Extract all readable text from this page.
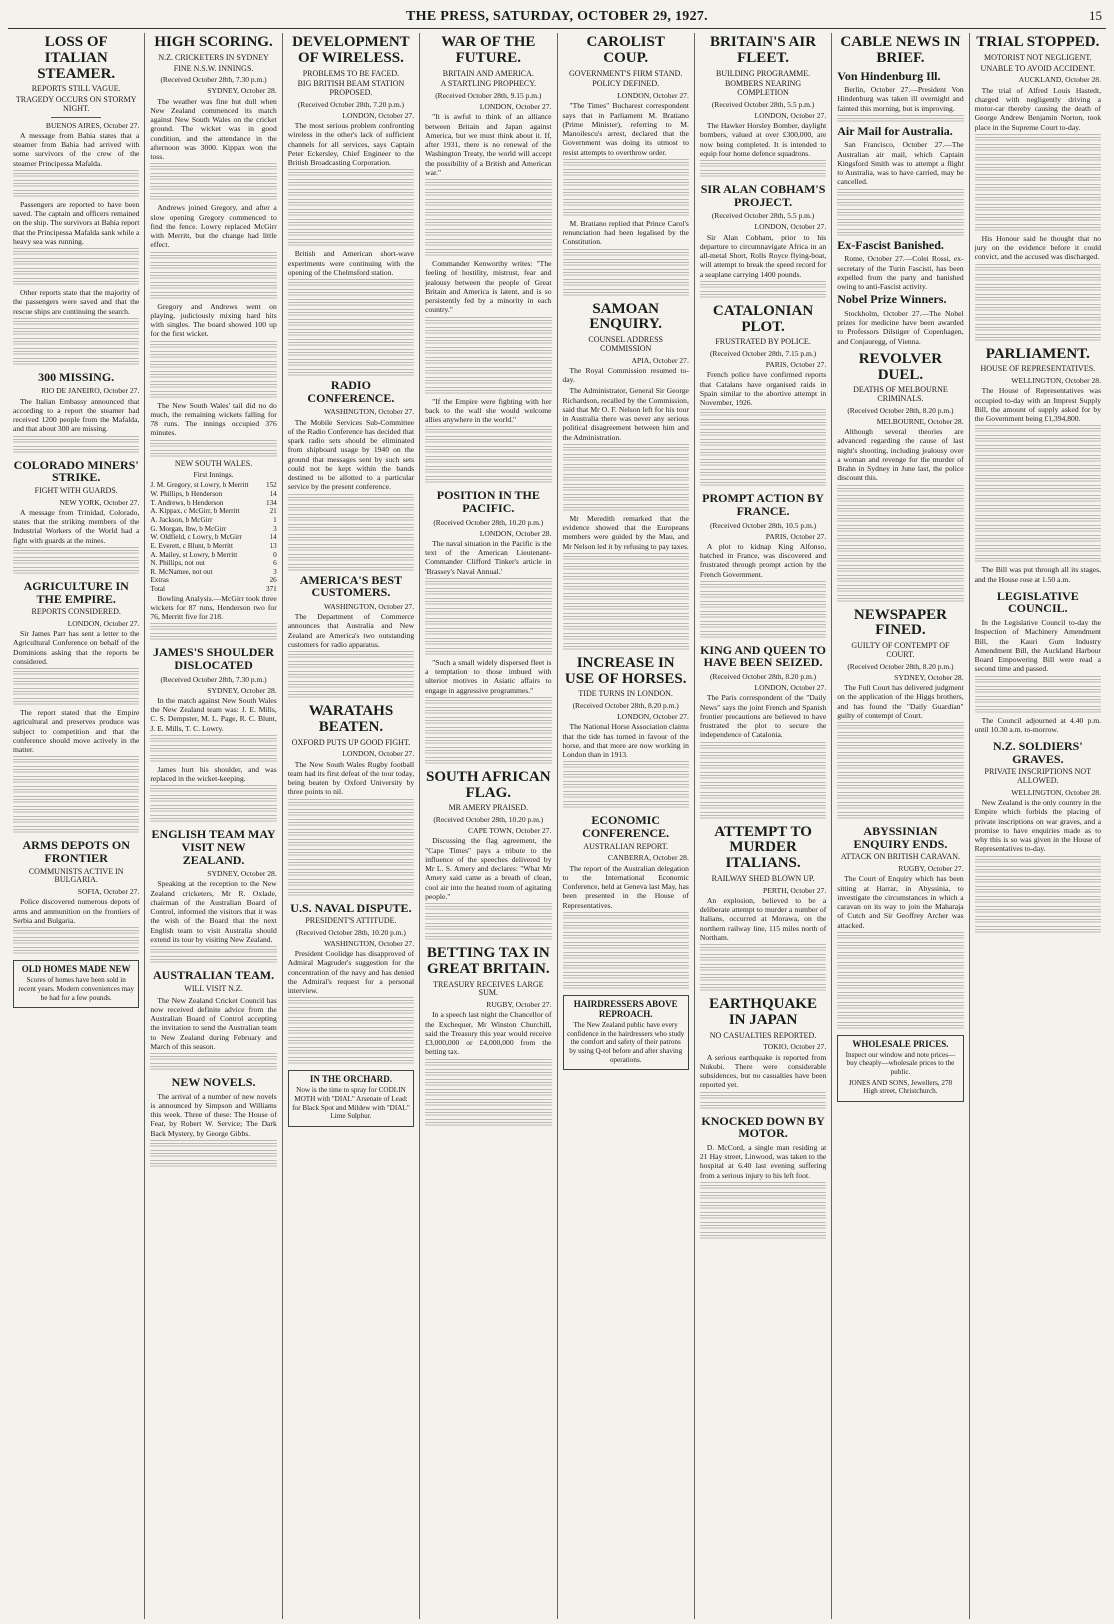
THE PRESS, SATURDAY, OCTOBER 29, 1927.	15
LOSS OF ITALIAN STEAMER.
REPORTS STILL VAGUE.
TRAGEDY OCCURS ON STORMY NIGHT.
BUENOS AIRES, October 27.

A message from Bahia states that a steamer from Bahia had arrived with some survivors of the crew of the steamer Principessa Mafalda.

Passengers are reported to have been saved. The captain and officers remained on the ship. The survivors at Bahia report that the Principessa Mafalda sank while a heavy sea was running.

Other reports state that the majority of the passengers were saved and that the rescue ships are continuing the search.

300 MISSING.
RIO DE JANEIRO, October 27.

The Italian Embassy announced that according to a report the steamer had received 1200 people from the Mafalda, and that about 300 are missing.

COLORADO MINERS' STRIKE.
FIGHT WITH GUARDS.
NEW YORK, October 27.

A message from Trinidad, Colorado, states that the striking members of the Industrial Workers of the World had a fight with guards at the mines.

AGRICULTURE IN THE EMPIRE.
REPORTS CONSIDERED.
LONDON, October 27.

Sir James Parr has sent a letter to the Agricultural Conference on behalf of the Dominions asking that the reports be considered.

The report stated that the Empire agricultural and preserves produce was subject to competition and that the conference should move actively in the matter.

ARMS DEPOTS ON FRONTIER
COMMUNISTS ACTIVE IN BULGARIA.
SOFIA, October 27.

Police discovered numerous depots of arms and ammunition on the frontiers of Serbia and Bulgaria.

OLD HOMES MADE NEW

Scores of homes have been sold in recent years. Modern conveniences may be had for a few pounds.

HIGH SCORING.
N.Z. CRICKETERS IN SYDNEY
FINE N.S.W. INNINGS.
(Received October 28th, 7.30 p.m.)
SYDNEY, October 28.

The weather was fine but dull when New Zealand commenced its match against New South Wales on the cricket ground. The wicket was in good condition, and the attendance in the afternoon was 3000. Kippax won the toss.

Andrews joined Gregory, and after a slow opening Gregory commenced to find the fence. Lowry replaced McGirr with Merritt, but the change had little effect.

Gregory and Andrews went on playing, judiciously mixing hard hits with singles. The board showed 100 up for the first wicket.

The New South Wales' tail did no do much, the remaining wickets falling for 78 runs. The innings occupied 376 minutes.

NEW SOUTH WALES.
First Innings.
J. M. Gregory, st Lowry, b Merritt 152
W. Phillips, b Henderson	14
T. Andrews, b Henderson	134
A. Kippax, c McGirr, b Merritt	21
A. Jackson, b McGirr	1
G. Morgan, lbw, b McGirr	3
W. Oldfield, c Lowry, b McGirr	14
E. Everett, c Blunt, b Merritt	13
A. Mailey, st Lowry, b Merritt	0
N. Phillips, not out	6
R. McNamee, not out	3
Extras	26
Total	371

Bowling Analysis.—McGirr took three wickets for 87 runs, Henderson two for 76, Merritt five for 218.

JAMES'S SHOULDER DISLOCATED
(Received October 28th, 7.30 p.m.)
SYDNEY, October 28.

In the match against New South Wales the New Zealand team was: J. E. Mills, C. S. Dempster, M. L. Page, R. C. Blunt, J. E. Mills, T. C. Lowry.

James hurt his shoulder, and was replaced in the wicket-keeping.

ENGLISH TEAM MAY VISIT NEW ZEALAND.
SYDNEY, October 28.

Speaking at the reception to the New Zealand cricketers, Mr R. Oxlade, chairman of the Australian Board of Control, informed the visitors that it was the wish of the Board that the next English team to visit Australia should extend its tour by visiting New Zealand.

AUSTRALIAN TEAM.
WILL VISIT N.Z.

The New Zealand Cricket Council has now received definite advice from the Australian Board of Control accepting the invitation to send the Australian team to New Zealand during February and March of this season.

NEW NOVELS.

The arrival of a number of new novels is announced by Simpson and Williams this week. Three of these: The House of Fear, by Robert W. Service; The Dark Back Mystery, by George Gibbs.

DEVELOPMENT OF WIRELESS.
PROBLEMS TO BE FACED.
BIG BRITISH BEAM STATION PROPOSED.
(Received October 28th, 7.20 p.m.)
LONDON, October 27.

The most serious problem confronting wireless in the other's lack of sufficient channels for all services, says Captain Peter Eckersley, Chief Engineer to the British Broadcasting Corporation.

British and American short-wave experiments were continuing with the opening of the Chelmsford station.

RADIO CONFERENCE.
WASHINGTON, October 27.

The Mobile Services Sub-Committee of the Radio Conference has decided that spark radio sets should be eliminated from shipboard usage by 1940 on the ground that messages sent by such sets could not be kept within the bands destined to be allotted to a particular service by the present conference.

AMERICA'S BEST CUSTOMERS.
WASHINGTON, October 27.

The Department of Commerce announces that Australia and New Zealand are America's two outstanding customers for radio apparatus.

WARATAHS BEATEN.
OXFORD PUTS UP GOOD FIGHT.
LONDON, October 27.

The New South Wales Rugby football team had its first defeat of the tour today, being beaten by Oxford University by three points to nil.

U.S. NAVAL DISPUTE.
PRESIDENT'S ATTITUDE.
(Received October 28th, 10.20 p.m.)
WASHINGTON, October 27.

President Coolidge has disapproved of Admiral Magruder's suggestion for the concentration of the navy and has denied the Admiral's request for a personal interview.

IN THE ORCHARD.

Now is the time to spray for CODLIN MOTH with "DIAL" Arsenate of Lead: for Black Spot and Mildew with "DIAL" Lime Sulphur.

WAR OF THE FUTURE.
BRITAIN AND AMERICA.
A STARTLING PROPHECY.
(Received October 28th, 9.15 p.m.)
LONDON, October 27.

"It is awful to think of an alliance between Britain and Japan against America, but we must think about it. If, after 1931, there is no renewal of the Washington Treaty, the world will accept the possibility of a British and American war."

Commander Kenworthy writes: "The feeling of hostility, mistrust, fear and jealousy between the people of Great Britain and America is latent, and is so persistently fed by a minority in each country."

"If the Empire were fighting with her back to the wall she would welcome allies anywhere in the world."

POSITION IN THE PACIFIC.
(Received October 28th, 10.20 p.m.)
LONDON, October 28.

The naval situation in the Pacific is the text of the American Lieutenant-Commander Clifford Tinker's article in 'Brassey's Naval Annual.'

"Such a small widely dispersed fleet is a temptation to those imbued with ulterior motives in Asiatic affairs to engage in aggressive programmes."

SOUTH AFRICAN FLAG.
MR AMERY PRAISED.
(Received October 28th, 10.20 p.m.)
CAPE TOWN, October 27.

Discussing the flag agreement, the "Cape Times" pays a tribute to the influence of the speeches delivered by Mr L. S. Amery and declares: "What Mr Amery said came as a breath of clean, cool air into the heated room of agitating people."

BETTING TAX IN GREAT BRITAIN.
TREASURY RECEIVES LARGE SUM.
RUGBY, October 27.

In a speech last night the Chancellor of the Exchequer, Mr Winston Churchill, said the Treasury this year would receive £3,000,000 or £4,000,000 from the betting tax.

CAROLIST COUP.
GOVERNMENT'S FIRM STAND.
POLICY DEFINED.
LONDON, October 27.

"The Times" Bucharest correspondent says that in Parliament M. Bratiano (Prime Minister), referring to M. Manoilescu's arrest, declared that the Government was doing its utmost to resist attempts to overthrow order.

M. Bratiano replied that Prince Carol's renunciation had been legalised by the Constitution.

SAMOAN ENQUIRY.
COUNSEL ADDRESS COMMISSION
APIA, October 27.

The Royal Commission resumed to-day.

The Administrator, General Sir George Richardson, recalled by the Commission, said that Mr O. F. Nelson left for his tour in Australia there was never any serious political disagreement between him and the Administration.

Mr Meredith remarked that the evidence showed that the Europeans members were guided by the Mau, and Mr Nelson led it by refusing to pay taxes.

INCREASE IN USE OF HORSES.
TIDE TURNS IN LONDON.
(Received October 28th, 8.20 p.m.)
LONDON, October 27.

The National Horse Association claims that the tide has turned in favour of the horse, and that more are now working in London than in 1913.

ECONOMIC CONFERENCE.
AUSTRALIAN REPORT.
CANBERRA, October 28.

The report of the Australian delegation to the International Economic Conference, held at Geneva last May, has been presented in the House of Representatives.

HAIRDRESSERS ABOVE REPROACH.

The New Zealand public have every confidence in the hairdressers who study the comfort and safety of their patrons by using Q-tol before and after shaving operations.

BRITAIN'S AIR FLEET.
BUILDING PROGRAMME.
BOMBERS NEARING COMPLETION
(Received October 28th, 5.5 p.m.)
LONDON, October 27.

The Hawker Horsley Bomber, daylight bombers, valued at over £300,000, are now being completed. It is intended to equip four home defence squadrons.

SIR ALAN COBHAM'S PROJECT.
(Received October 28th, 5.5 p.m.)
LONDON, October 27.

Sir Alan Cobham, prior to his departure to circumnavigate Africa in an all-metal Short, Rolls Royce flying-boat, will attempt to break the speed record for a seaplane carrying 1400 pounds.

CATALONIAN PLOT.
FRUSTRATED BY POLICE.
(Received October 28th, 7.15 p.m.)
PARIS, October 27.

French police have confirmed reports that Catalans have organised raids in Spain similar to the abortive attempt in November, 1926.

PROMPT ACTION BY FRANCE.
(Received October 28th, 10.5 p.m.)
PARIS, October 27.

A plot to kidnap King Alfonso, hatched in France, was discovered and frustrated through prompt action by the French Government.

KING AND QUEEN TO HAVE BEEN SEIZED.
(Received October 28th, 8.20 p.m.)
LONDON, October 27.

The Paris correspondent of the "Daily News" says the joint French and Spanish frontier precautions are believed to have frustrated the plot to secure the independence of Catalonia.

ATTEMPT TO MURDER ITALIANS.
RAILWAY SHED BLOWN UP.
PERTH, October 27.

An explosion, believed to be a deliberate attempt to murder a number of Italians, occurred at Morawa, on the northern railway line, 115 miles north of Northam.

EARTHQUAKE IN JAPAN
NO CASUALTIES REPORTED.
TOKIO, October 27.

A serious earthquake is reported from Nukubi. There were considerable subsidences, but no casualties have been reported yet.

KNOCKED DOWN BY MOTOR.

D. McCord, a single man residing at 21 Hay street, Linwood, was taken to the hospital at 6.40 last evening suffering from a serious injury to his left foot.

CABLE NEWS IN BRIEF.
Von Hindenburg Ill.

Berlin, October 27.—President Von Hindenburg was taken ill overnight and fainted this morning, but is improving.

Air Mail for Australia.

San Francisco, October 27.—The Australian air mail, which Captain Kingsford Smith was to attempt a flight to Australia, was to have carried, may be cancelled.

Ex-Fascist Banished.

Rome, October 27.—Colei Rossi, ex-secretary of the Turin Fascisti, has been expelled from the party and banished owing to anti-Fascist activity.

Nobel Prize Winners.

Stockholm, October 27.—The Nobel prizes for medicine have been awarded to Professors Dilstiger of Copenhagen, and Conjauregg, of Vienna.

REVOLVER DUEL.
DEATHS OF MELBOURNE CRIMINALS.
(Received October 28th, 8.20 p.m.)
MELBOURNE, October 28.

Although several theories are advanced regarding the cause of last night's shooting, including jealousy over a woman and revenge for the murder of Brahn in Sydney in June last, the police discount this.

NEWSPAPER FINED.
GUILTY OF CONTEMPT OF COURT.
(Received October 28th, 8.20 p.m.)
SYDNEY, October 28.

The Full Court has delivered judgment on the application of the Higgs brothers, and has found the "Daily Guardian" guilty of contempt of Court.

ABYSSINIAN ENQUIRY ENDS.
ATTACK ON BRITISH CARAVAN.
RUGBY, October 27.

The Court of Enquiry which has been sitting at Harrar, in Abyssinia, to investigate the circumstances in which a caravan on its way to join the Maharaja of Cutch and Sir Geoffrey Archer was attacked.

WHOLESALE PRICES.

Inspect our window and note prices—buy cheaply—wholesale prices to the public.

JONES AND SONS, Jewellers, 278 High street, Christchurch.

TRIAL STOPPED.
MOTORIST NOT NEGLIGENT.
UNABLE TO AVOID ACCIDENT.
AUCKLAND, October 28.

The trial of Alfred Louis Hastedt, charged with negligently driving a motor-car thereby causing the death of George Andrew Benjamin Norton, took place in the Supreme Court to-day.

His Honour said he thought that no jury on the evidence before it could convict, and the accused was discharged.

PARLIAMENT.
HOUSE OF REPRESENTATIVES.
WELLINGTON, October 28.

The House of Representatives was occupied to-day with an Imprest Supply Bill, the amount of supply asked for by the Government being £1,394,800.

The Bill was put through all its stages, and the House rose at 1.50 a.m.

LEGISLATIVE COUNCIL.

In the Legislative Council to-day the Inspection of Machinery Amendment Bill, the Kauri Gum Industry Amendment Bill, the Auckland Harbour Board Empowering Bill were read a second time and passed.

The Council adjourned at 4.40 p.m. until 10.30 a.m. to-morrow.

N.Z. SOLDIERS' GRAVES.
PRIVATE INSCRIPTIONS NOT ALLOWED.
WELLINGTON, October 28.

New Zealand is the only country in the Empire which forbids the placing of private inscriptions on war graves, and a promise to have enquiries made as to why this is so was given in the House of Representatives to-day.
